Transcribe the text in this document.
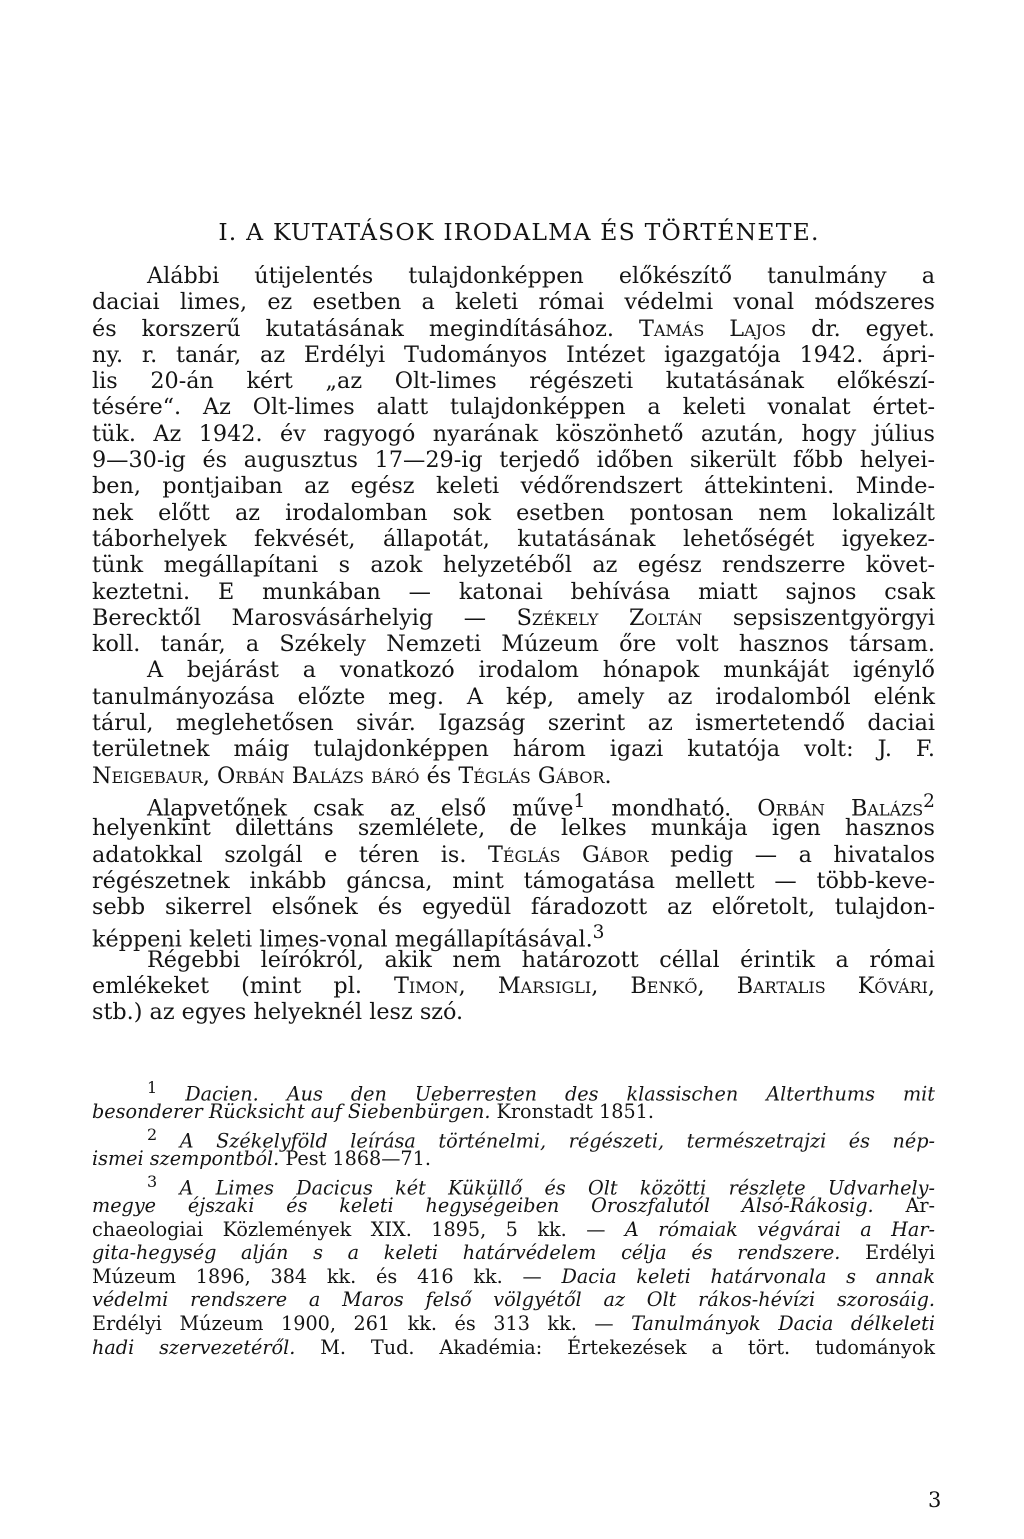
I. A KUTATÁSOK IRODALMA ÉS TÖRTÉNETE.
Alábbi útijelentés tulajdonképpen előkészítő tanulmány a
daciai limes, ez esetben a keleti római védelmi vonal módszeres
és korszerű kutatásának megindításához. Tamás Lajos dr. egyet.
ny. r. tanár, az Erdélyi Tudományos Intézet igazgatója 1942. ápri-
lis 20-án kért „az Olt-limes régészeti kutatásának előkészí-
tésére“. Az Olt-limes alatt tulajdonképpen a keleti vonalat értet-
tük. Az 1942. év ragyogó nyarának köszönhető azután, hogy július
9—30-ig és augusztus 17—29-ig terjedő időben sikerült főbb helyei-
ben, pontjaiban az egész keleti védőrendszert áttekinteni. Minde-
nek előtt az irodalomban sok esetben pontosan nem lokalizált
táborhelyek fekvését, állapotát, kutatásának lehetőségét igyekez-
tünk megállapítani s azok helyzetéből az egész rendszerre követ-
keztetni. E munkában — katonai behívása miatt sajnos csak
Berecktől Marosvásárhelyig — Székely Zoltán sepsiszentgyörgyi
koll. tanár, a Székely Nemzeti Múzeum őre volt hasznos társam.
A bejárást a vonatkozó irodalom hónapok munkáját igénylő
tanulmányozása előzte meg. A kép, amely az irodalomból elénk
tárul, meglehetősen sivár. Igazság szerint az ismertetendő daciai
területnek máig tulajdonképpen három igazi kutatója volt: J. F.
Neigebaur, Orbán Balázs báró és Téglás Gábor.
Alapvetőnek csak az első műve$^1$ mondható. Orbán Balázs$^2$
helyenkint dilettáns szemlélete, de lelkes munkája igen hasznos
adatokkal szolgál e téren is. Téglás Gábor pedig — a hivatalos
régészetnek inkább gáncsa, mint támogatása mellett — több-keve-
sebb sikerrel elsőnek és egyedül fáradozott az előretolt, tulajdon-
képpeni keleti limes-vonal megállapításával.$^3$
Régebbi leírókról, akik nem határozott céllal érintik a római
emlékeket (mint pl. Timon, Marsigli, Benkő, Bartalis Kővári,
stb.) az egyes helyeknél lesz szó.
$^1$ Dacien. Aus den Ueberresten des klassischen Alterthums mit
besonderer Rücksicht auf Siebenbürgen. Kronstadt 1851.
$^2$ A Székelyföld leírása történelmi, régészeti, természetrajzi és nép-
ismei szempontból. Pest 1868—71.
$^3$ A Limes Dacicus két Küküllő és Olt közötti részlete Udvarhely-
megye éjszaki és keleti hegységeiben Oroszfalutól Alsó-Rákosig. Ar-
chaeologiai Közlemények XIX. 1895, 5 kk. — A rómaiak végvárai a Har-
gita-hegység alján s a keleti határvédelem célja és rendszere. Erdélyi
Múzeum 1896, 384 kk. és 416 kk. — Dacia keleti határvonala s annak
védelmi rendszere a Maros felső völgyétől az Olt rákos-hévízi szorosáig.
Erdélyi Múzeum 1900, 261 kk. és 313 kk. — Tanulmányok Dacia délkeleti
hadi szervezetéről. M. Tud. Akadémia: Értekezések a tört. tudományok
3
